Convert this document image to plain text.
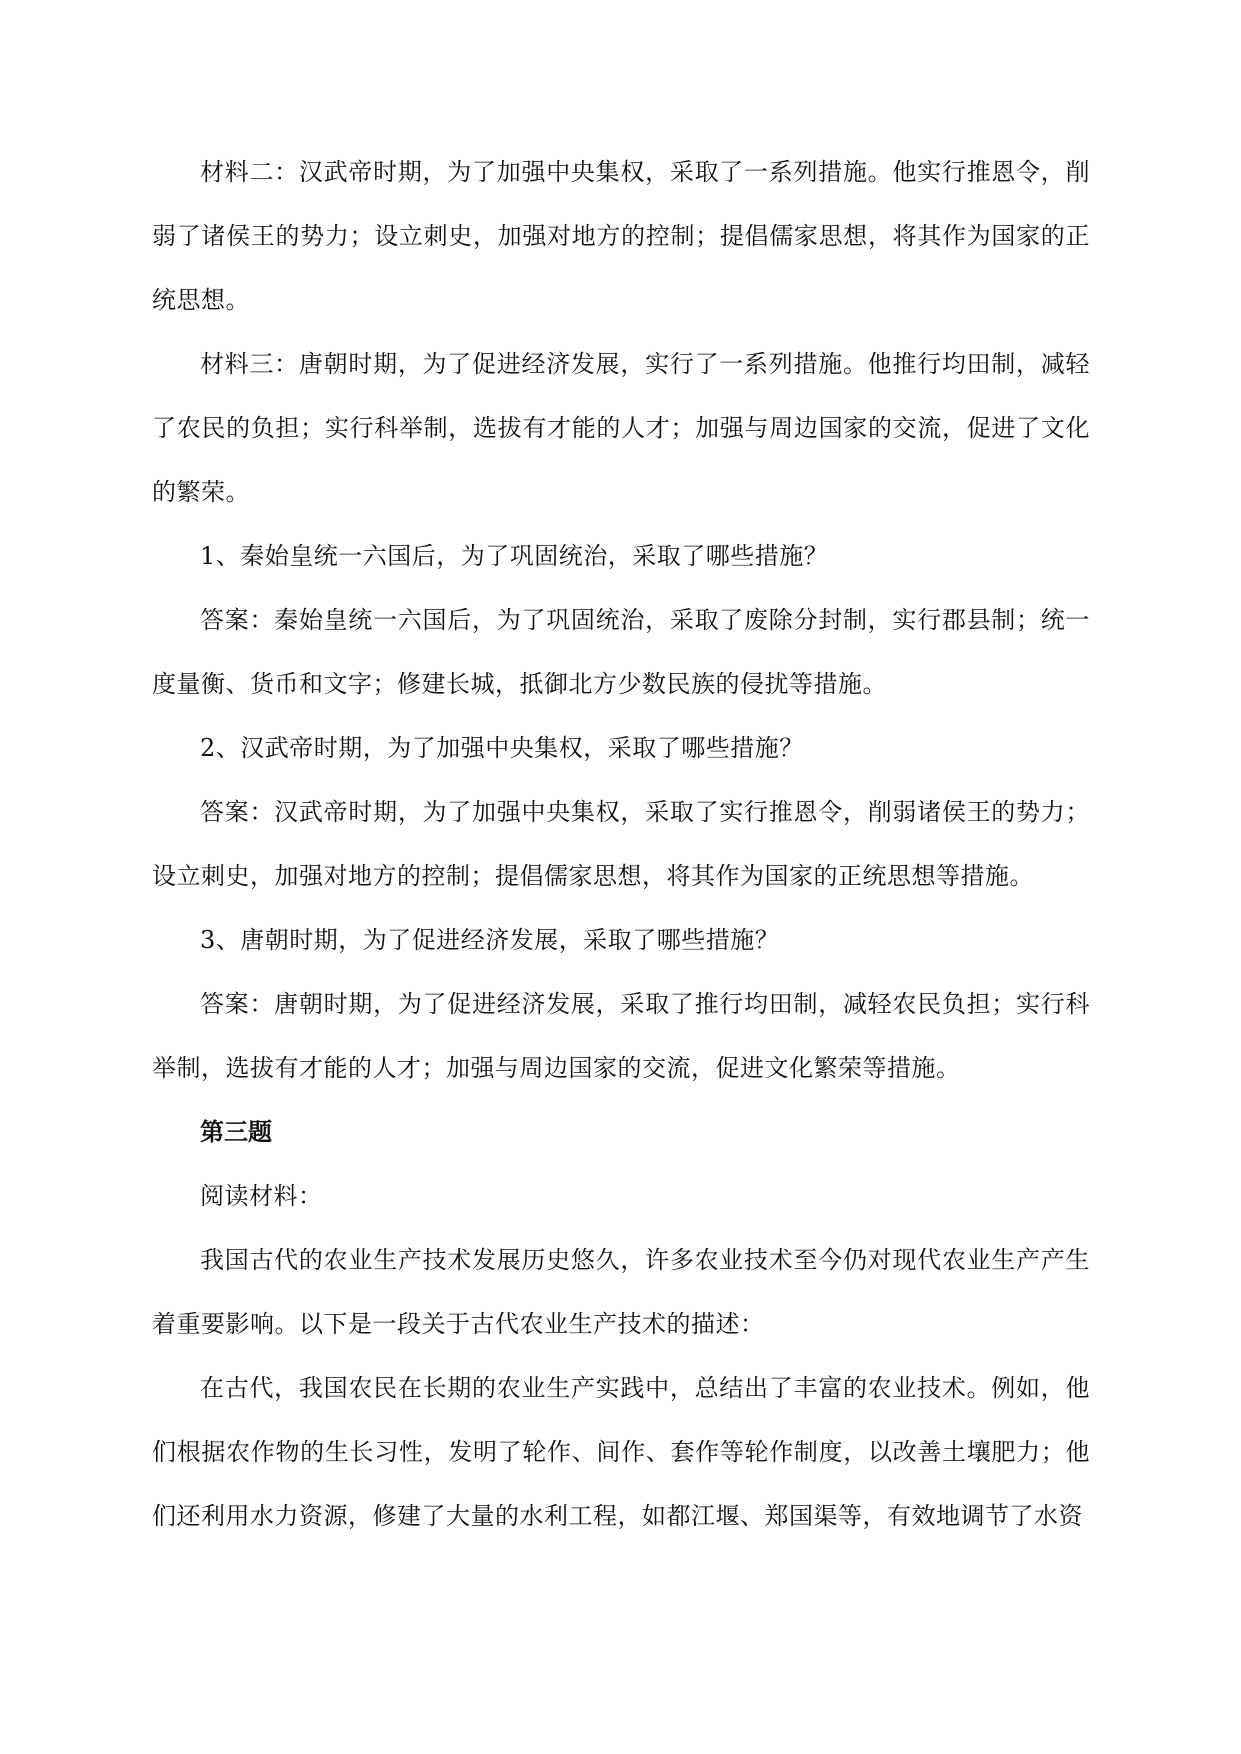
材料二：汉武帝时期，为了加强中央集权，采取了一系列措施。他实行推恩令，削弱了诸侯王的势力；设立刺史，加强对地方的控制；提倡儒家思想，将其作为国家的正统思想。

材料三：唐朝时期，为了促进经济发展，实行了一系列措施。他推行均田制，减轻了农民的负担；实行科举制，选拔有才能的人才；加强与周边国家的交流，促进了文化的繁荣。

1、秦始皇统一六国后，为了巩固统治，采取了哪些措施？

答案：秦始皇统一六国后，为了巩固统治，采取了废除分封制，实行郡县制；统一度量衡、货币和文字；修建长城，抵御北方少数民族的侵扰等措施。

2、汉武帝时期，为了加强中央集权，采取了哪些措施？

答案：汉武帝时期，为了加强中央集权，采取了实行推恩令，削弱诸侯王的势力；设立刺史，加强对地方的控制；提倡儒家思想，将其作为国家的正统思想等措施。

3、唐朝时期，为了促进经济发展，采取了哪些措施？

答案：唐朝时期，为了促进经济发展，采取了推行均田制，减轻农民负担；实行科举制，选拔有才能的人才；加强与周边国家的交流，促进文化繁荣等措施。

第三题

阅读材料：

我国古代的农业生产技术发展历史悠久，许多农业技术至今仍对现代农业生产产生着重要影响。以下是一段关于古代农业生产技术的描述：

在古代，我国农民在长期的农业生产实践中，总结出了丰富的农业技术。例如，他们根据农作物的生长习性，发明了轮作、间作、套作等轮作制度，以改善土壤肥力；他们还利用水力资源，修建了大量的水利工程，如都江堰、郑国渠等，有效地调节了水资
